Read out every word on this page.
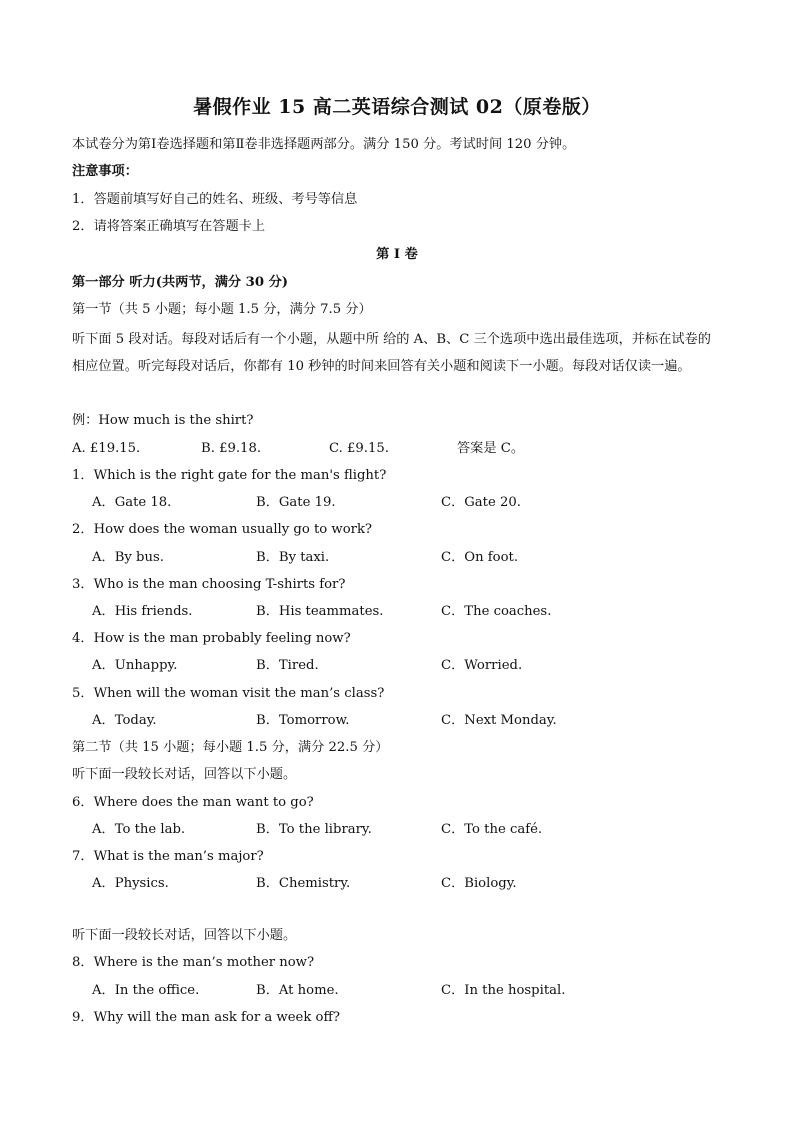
暑假作业 15 高二英语综合测试 02（原卷版）
本试卷分为第Ⅰ卷选择题和第Ⅱ卷非选择题两部分。满分 150 分。考试时间 120 分钟。
注意事项：
1．答题前填写好自己的姓名、班级、考号等信息
2．请将答案正确填写在答题卡上
第 Ⅰ 卷
第一部分 听力(共两节，满分 30 分)
第一节（共 5 小题；每小题 1.5 分，满分 7.5 分）
听下面 5 段对话。每段对话后有一个小题，从题中所 给的 A、B、C 三个选项中选出最佳选项，并标在试卷的相应位置。听完每段对话后，你都有 10 秒钟的时间来回答有关小题和阅读下一小题。每段对话仅读一遍。
例：How much is the shirt?
A. £19.15.	B. £9.18.	C. £9.15.	答案是 C。
1．Which is the right gate for the man's flight?
A．Gate 18.	B．Gate 19.	C．Gate 20.
2．How does the woman usually go to work?
A．By bus.	B．By taxi.	C．On foot.
3．Who is the man choosing T-shirts for?
A．His friends.	B．His teammates.	C．The coaches.
4．How is the man probably feeling now?
A．Unhappy.	B．Tired.	C．Worried.
5．When will the woman visit the man’s class?
A．Today.	B．Tomorrow.	C．Next Monday.
第二节（共 15 小题；每小题 1.5 分，满分 22.5 分）
听下面一段较长对话，回答以下小题。
6．Where does the man want to go?
A．To the lab.	B．To the library.	C．To the café.
7．What is the man’s major?
A．Physics.	B．Chemistry.	C．Biology.
听下面一段较长对话，回答以下小题。
8．Where is the man’s mother now?
A．In the office.	B．At home.	C．In the hospital.
9．Why will the man ask for a week off?
